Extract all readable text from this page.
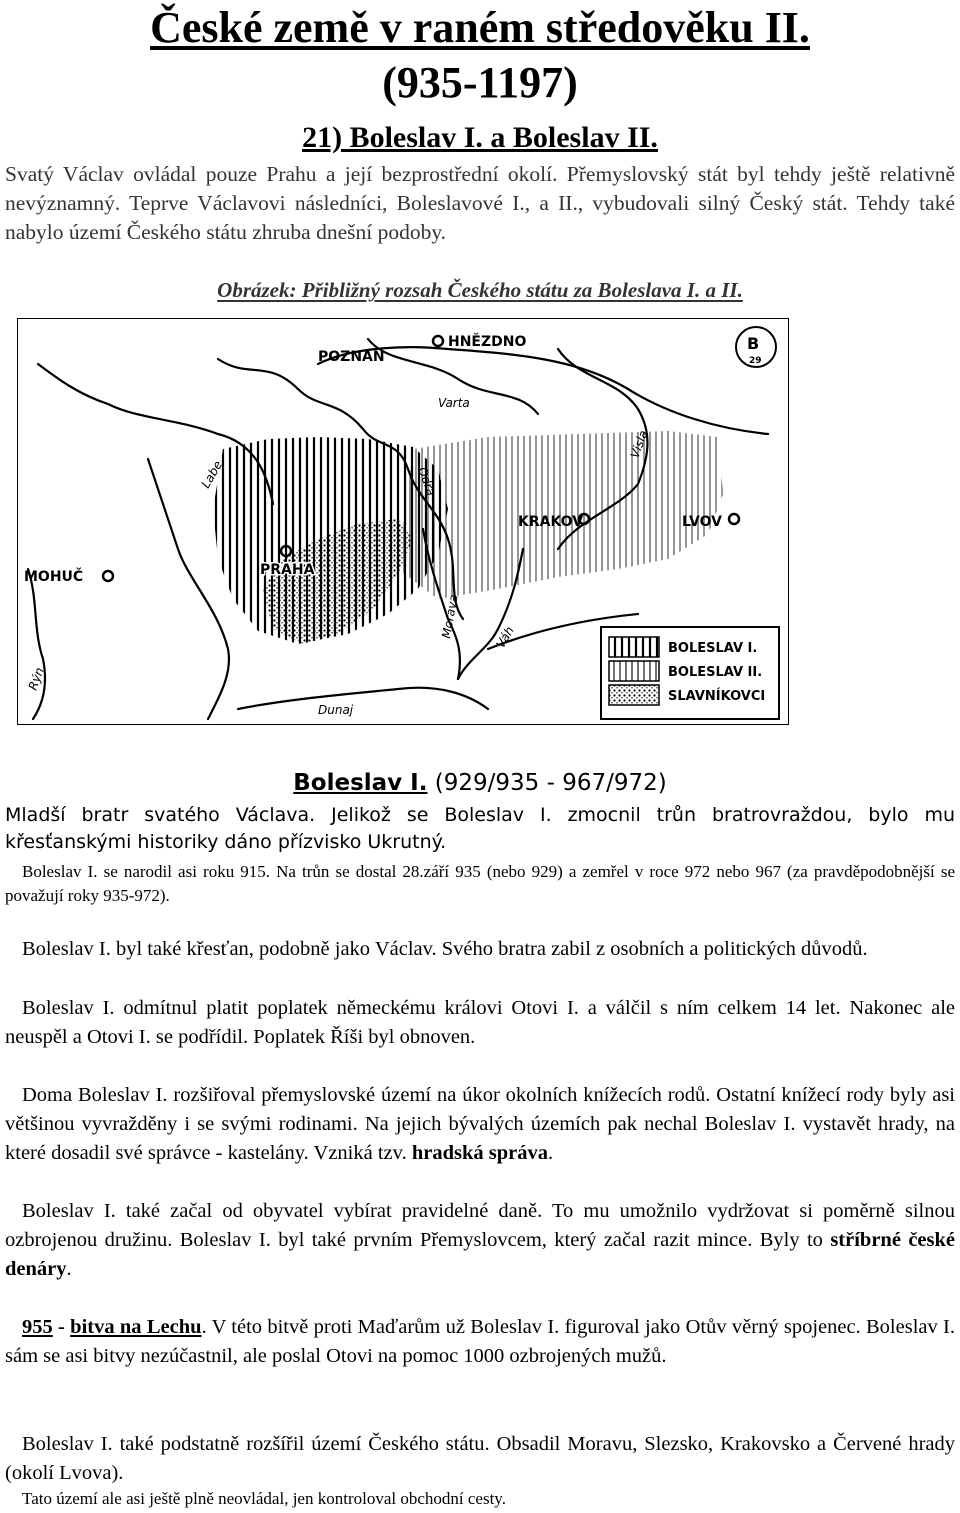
České země v raném středověku II.
(935-1197)
21) Boleslav I. a Boleslav II.

Svatý Václav ovládal pouze Prahu a její bezprostřední okolí. Přemyslovský stát byl tehdy ještě relativně nevýznamný. Teprve Václavovi následníci, Boleslavové I., a II., vybudovali silný Český stát. Tehdy také nabylo území Českého státu zhruba dnešní podoby.

Obrázek: Přibližný rozsah Českého státu za Boleslava I. a II.
POZNAŇ
HNĚZDNO
KRAKOV	LVOV
PRAHA
MOHUČ
Varta
Labe	Odra
Visla
Morava	Váh
Dunaj
Rýn
B
29
BOLESLAV I.
BOLESLAV II.
SLAVNÍKOVCI
Boleslav I. (929/935 - 967/972)

Mladší bratr svatého Václava. Jelikož se Boleslav I. zmocnil trůn bratrovraždou, bylo mu křesťanskými historiky dáno přízvisko Ukrutný.

Boleslav I. se narodil asi roku 915. Na trůn se dostal 28.září 935 (nebo 929) a zemřel v roce 972 nebo 967 (za pravděpodobnější se považují roky 935-972).

Boleslav I. byl také křesťan, podobně jako Václav. Svého bratra zabil z osobních a politických důvodů.

Boleslav I. odmítnul platit poplatek německému královi Otovi I. a válčil s ním celkem 14 let. Nakonec ale neuspěl a Otovi I. se podřídil. Poplatek Říši byl obnoven.

Doma Boleslav I. rozšiřoval přemyslovské území na úkor okolních knížecích rodů. Ostatní knížecí rody byly asi většinou vyvražděny i se svými rodinami. Na jejich bývalých územích pak nechal Boleslav I. vystavět hrady, na které dosadil své správce - kastelány. Vzniká tzv. hradská správa.

Boleslav I. také začal od obyvatel vybírat pravidelné daně. To mu umožnilo vydržovat si poměrně silnou ozbrojenou družinu. Boleslav I. byl také prvním Přemyslovcem, který začal razit mince. Byly to stříbrné české denáry.

955 - bitva na Lechu. V této bitvě proti Maďarům už Boleslav I. figuroval jako Otův věrný spojenec. Boleslav I. sám se asi bitvy nezúčastnil, ale poslal Otovi na pomoc 1000 ozbrojených mužů.

Boleslav I. také podstatně rozšířil území Českého státu. Obsadil Moravu, Slezsko, Krakovsko a Červené hrady (okolí Lvova).

Tato území ale asi ještě plně neovládal, jen kontroloval obchodní cesty.
